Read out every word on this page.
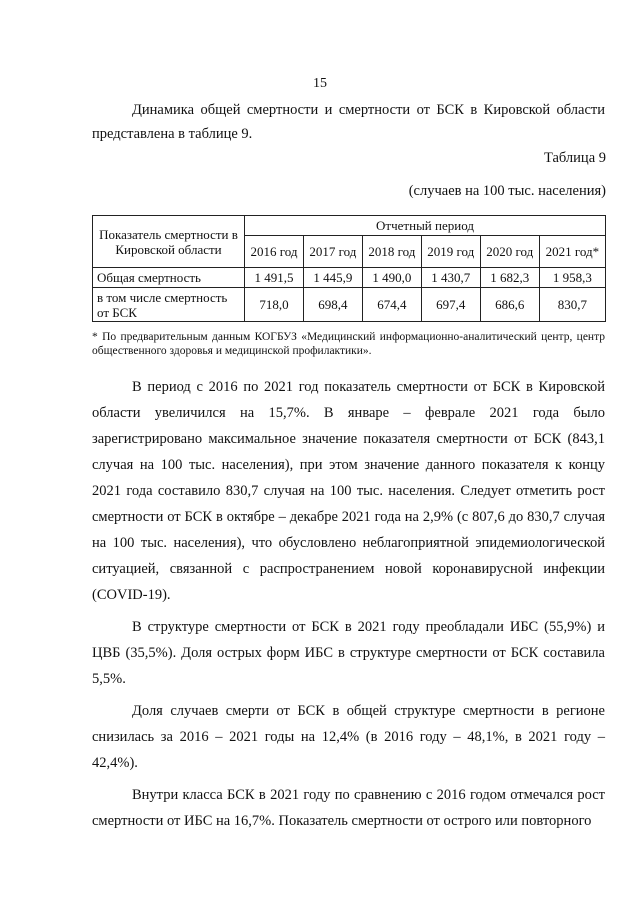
15
Динамика общей смертности и смертности от БСК в Кировской области представлена в таблице 9.
Таблица 9
(случаев на 100 тыс. населения)
Показатель смертности в Кировской области	Отчетный период					
	2016 год	2017 год	2018 год	2019 год	2020 год	2021 год*
Общая смертность	1 491,5	1 445,9	1 490,0	1 430,7	1 682,3	1 958,3
в том числе смертность от БСК	718,0	698,4	674,4	697,4	686,6	830,7
* По предварительным данным КОГБУЗ «Медицинский информационно-аналитический центр, центр общественного здоровья и медицинской профилактики».

В период с 2016 по 2021 год показатель смертности от БСК в Кировской области увеличился на 15,7%. В январе – феврале 2021 года было зарегистрировано максимальное значение показателя смертности от БСК (843,1 случая на 100 тыс. населения), при этом значение данного показателя к концу 2021 года составило 830,7 случая на 100 тыс. населения. Следует отметить рост смертности от БСК в октябре – декабре 2021 года на 2,9% (с 807,6 до 830,7 случая на 100 тыс. населения), что обусловлено неблагоприятной эпидемиологической ситуацией, связанной с распространением новой коронавирусной инфекции (COVID-19).

В структуре смертности от БСК в 2021 году преобладали ИБС (55,9%) и ЦВБ (35,5%). Доля острых форм ИБС в структуре смертности от БСК составила 5,5%.

Доля случаев смерти от БСК в общей структуре смертности в регионе снизилась за 2016 – 2021 годы на 12,4% (в 2016 году – 48,1%, в 2021 году – 42,4%).

Внутри класса БСК в 2021 году по сравнению с 2016 годом отмечался рост смертности от ИБС на 16,7%. Показатель смертности от острого или повторного
